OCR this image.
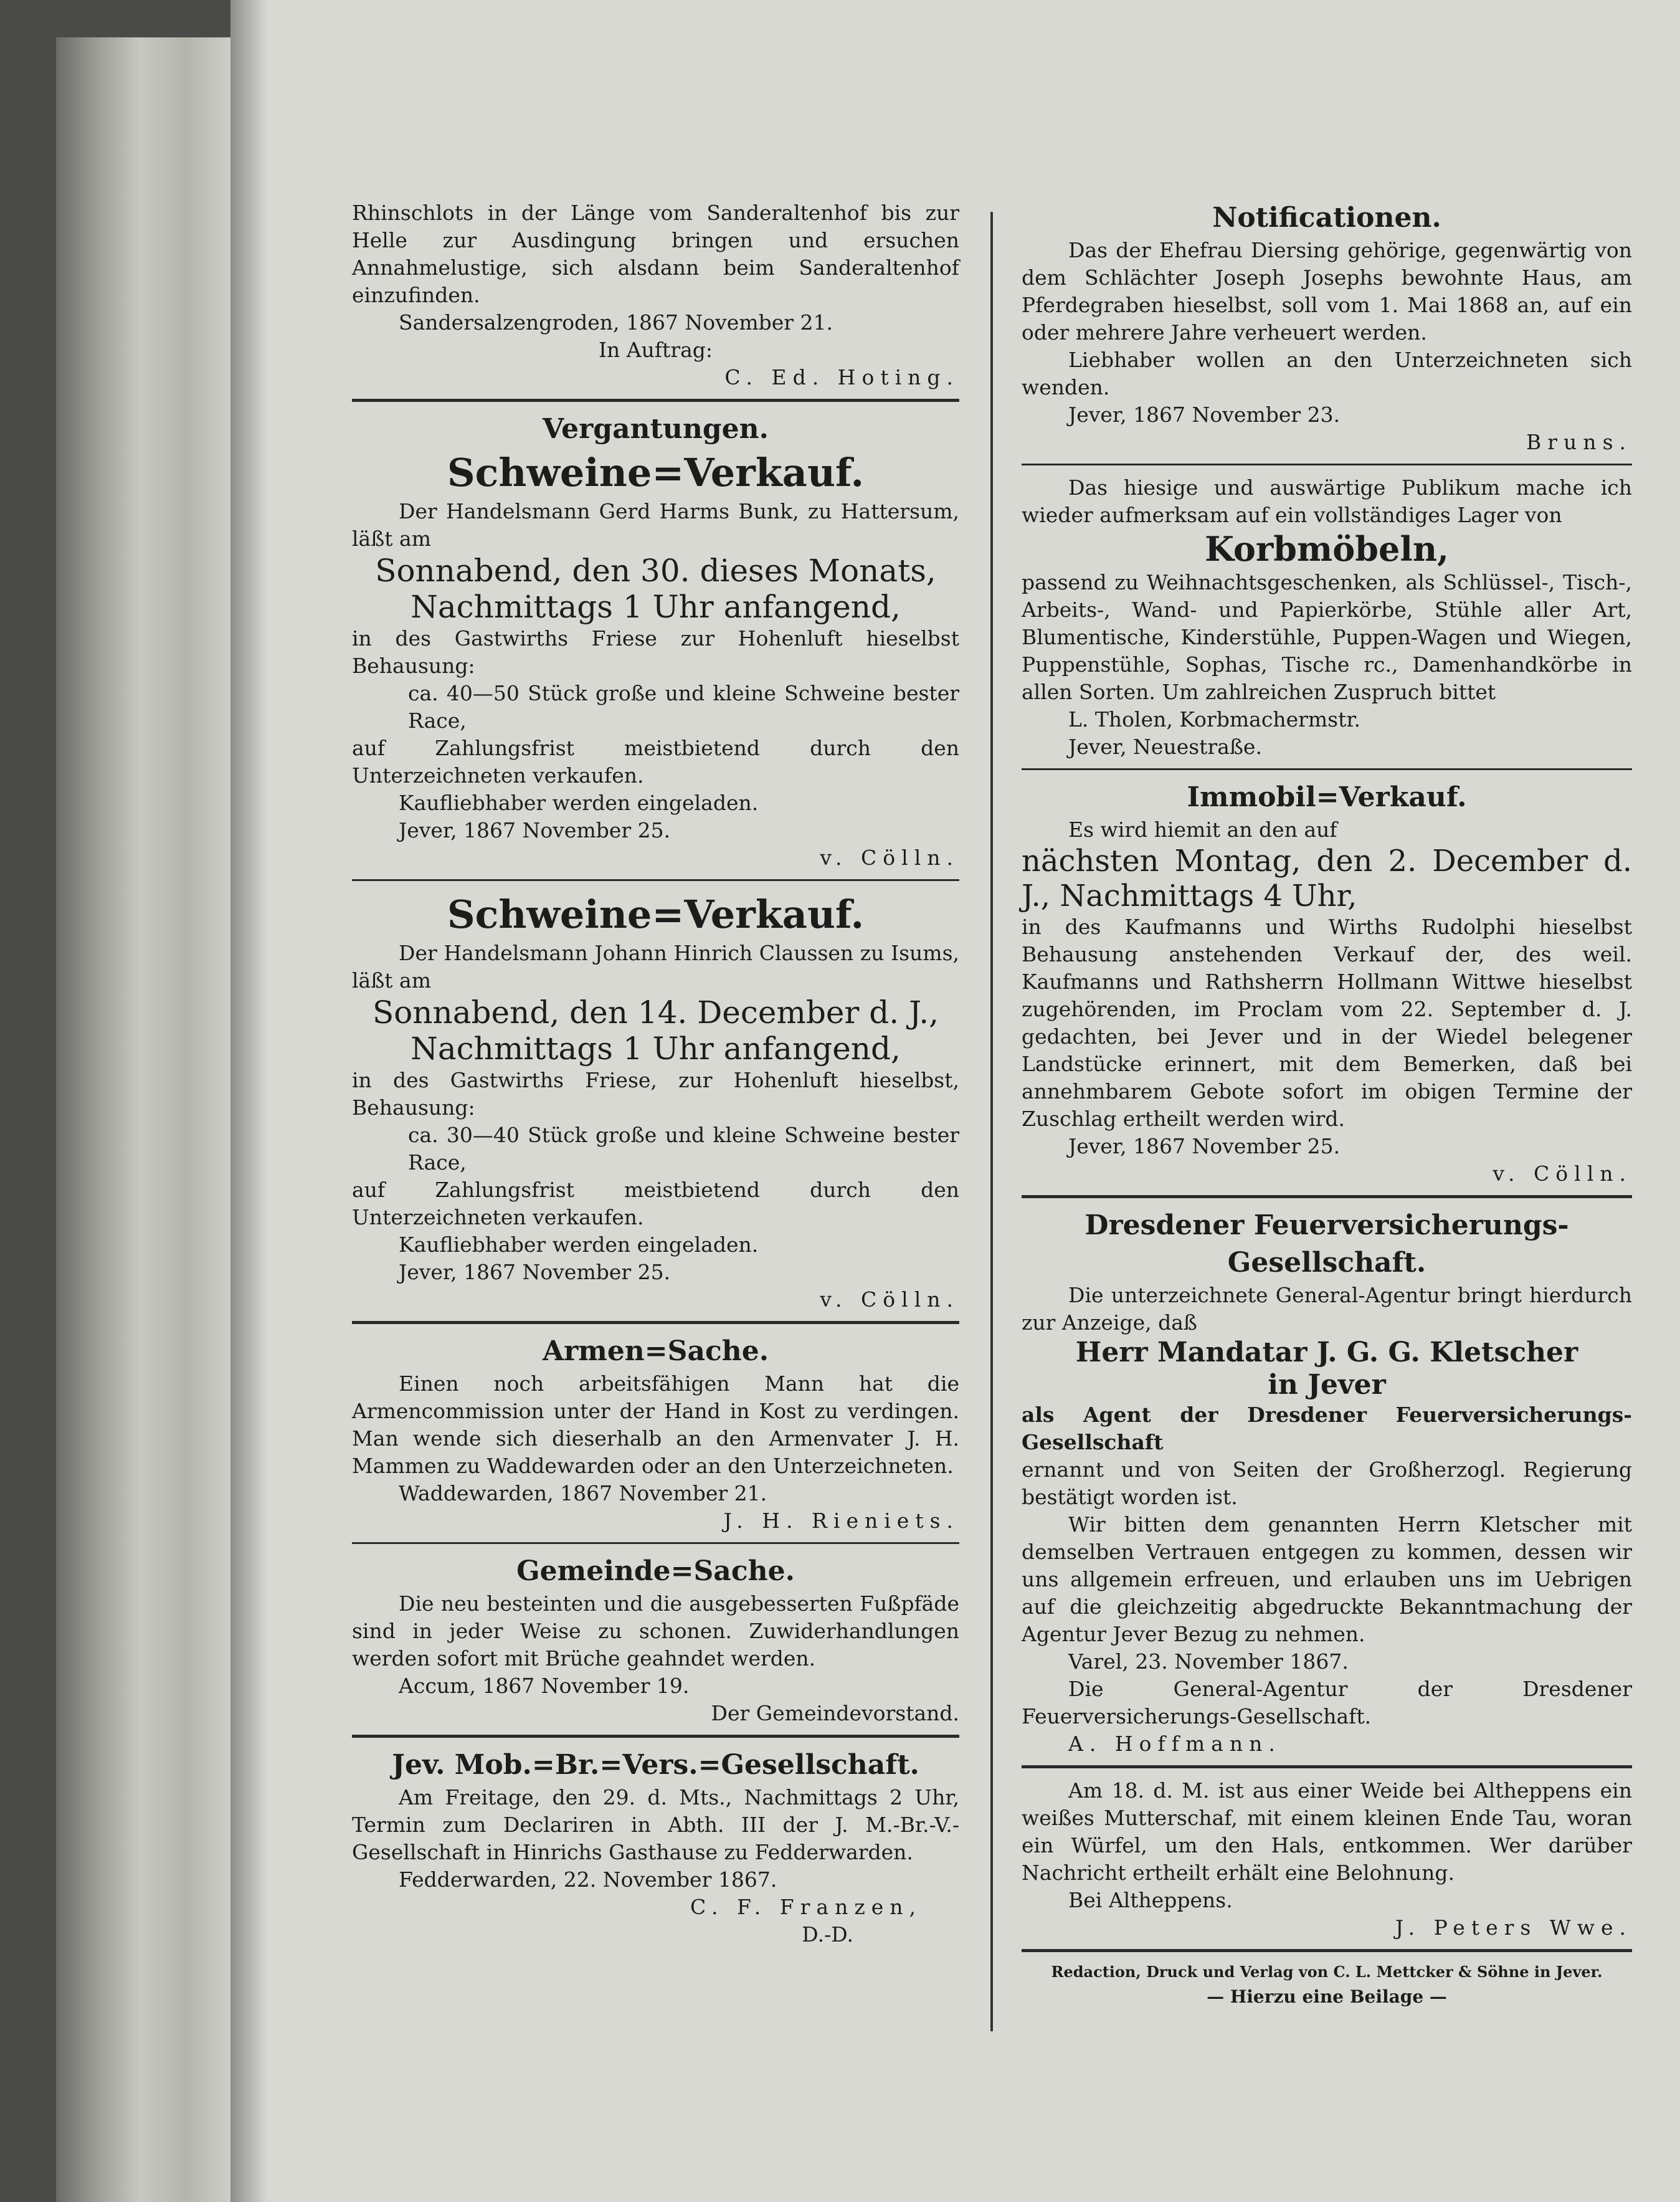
Rhinschlots in der Länge vom Sanderaltenhof bis zur Helle zur Ausdingung bringen und ersuchen Annahmelustige, sich alsdann beim Sanderaltenhof einzufinden.

Sandersalzengroden, 1867 November 21.

In Auftrag:

C. Ed. Hoting.

Vergantungen.

Schweine=Verkauf.

Der Handelsmann Gerd Harms Bunk, zu Hattersum, läßt am

Sonnabend, den 30. dieses Monats,

Nachmittags 1 Uhr anfangend,

in des Gastwirths Friese zur Hohenluft hieselbst Behausung:

ca. 40—50 Stück große und kleine Schweine bester Race,

auf Zahlungsfrist meistbietend durch den Unterzeichneten verkaufen.

Kaufliebhaber werden eingeladen.

Jever, 1867 November 25.

v. Cölln.

Schweine=Verkauf.

Der Handelsmann Johann Hinrich Claussen zu Isums, läßt am

Sonnabend, den 14. December d. J.,

Nachmittags 1 Uhr anfangend,

in des Gastwirths Friese, zur Hohenluft hieselbst, Behausung:

ca. 30—40 Stück große und kleine Schweine bester Race,

auf Zahlungsfrist meistbietend durch den Unterzeichneten verkaufen.

Kaufliebhaber werden eingeladen.

Jever, 1867 November 25.

v. Cölln.

Armen=Sache.

Einen noch arbeitsfähigen Mann hat die Armencommission unter der Hand in Kost zu verdingen. Man wende sich dieserhalb an den Armenvater J. H. Mammen zu Waddewarden oder an den Unterzeichneten.

Waddewarden, 1867 November 21.

J. H. Rieniets.

Gemeinde=Sache.

Die neu besteinten und die ausgebesserten Fußpfäde sind in jeder Weise zu schonen. Zuwiderhandlungen werden sofort mit Brüche geahndet werden.

Accum, 1867 November 19.

Der Gemeindevorstand.

Jev. Mob.=Br.=Vers.=Gesellschaft.

Am Freitage, den 29. d. Mts., Nachmittags 2 Uhr, Termin zum Declariren in Abth. III der J. M.-Br.-V.-Gesellschaft in Hinrichs Gasthause zu Fedderwarden.

Fedderwarden, 22. November 1867.

C. F. Franzen,

D.-D.

Notificationen.

Das der Ehefrau Diersing gehörige, gegenwärtig von dem Schlächter Joseph Josephs bewohnte Haus, am Pferdegraben hieselbst, soll vom 1. Mai 1868 an, auf ein oder mehrere Jahre verheuert werden.

Liebhaber wollen an den Unterzeichneten sich wenden.

Jever, 1867 November 23.

Bruns.

Das hiesige und auswärtige Publikum mache ich wieder aufmerksam auf ein vollständiges Lager von

Korbmöbeln,

passend zu Weihnachtsgeschenken, als Schlüssel-, Tisch-, Arbeits-, Wand- und Papierkörbe, Stühle aller Art, Blumentische, Kinderstühle, Puppen-Wagen und Wiegen, Puppenstühle, Sophas, Tische rc., Damenhandkörbe in allen Sorten. Um zahlreichen Zuspruch bittet

L. Tholen, Korbmachermstr.

Jever, Neuestraße.

Immobil=Verkauf.

Es wird hiemit an den auf

nächsten Montag, den 2. December d. J., Nachmittags 4 Uhr,

in des Kaufmanns und Wirths Rudolphi hieselbst Behausung anstehenden Verkauf der, des weil. Kaufmanns und Rathsherrn Hollmann Wittwe hieselbst zugehörenden, im Proclam vom 22. September d. J. gedachten, bei Jever und in der Wiedel belegener Landstücke erinnert, mit dem Bemerken, daß bei annehmbarem Gebote sofort im obigen Termine der Zuschlag ertheilt werden wird.

Jever, 1867 November 25.

v. Cölln.

Dresdener Feuerversicherungs-Gesellschaft.

Die unterzeichnete General-Agentur bringt hierdurch zur Anzeige, daß

Herr Mandatar J. G. G. Kletscher

in Jever

als Agent der Dresdener Feuerversicherungs-Gesellschaft

ernannt und von Seiten der Großherzogl. Regierung bestätigt worden ist.

Wir bitten dem genannten Herrn Kletscher mit demselben Vertrauen entgegen zu kommen, dessen wir uns allgemein erfreuen, und erlauben uns im Uebrigen auf die gleichzeitig abgedruckte Bekanntmachung der Agentur Jever Bezug zu nehmen.

Varel, 23. November 1867.

Die General-Agentur der Dresdener Feuerversicherungs-Gesellschaft.

A. Hoffmann.

Am 18. d. M. ist aus einer Weide bei Altheppens ein weißes Mutterschaf, mit einem kleinen Ende Tau, woran ein Würfel, um den Hals, entkommen. Wer darüber Nachricht ertheilt erhält eine Belohnung.

Bei Altheppens.

J. Peters Wwe.

Redaction, Druck und Verlag von C. L. Mettcker & Söhne in Jever.

— Hierzu eine Beilage —
